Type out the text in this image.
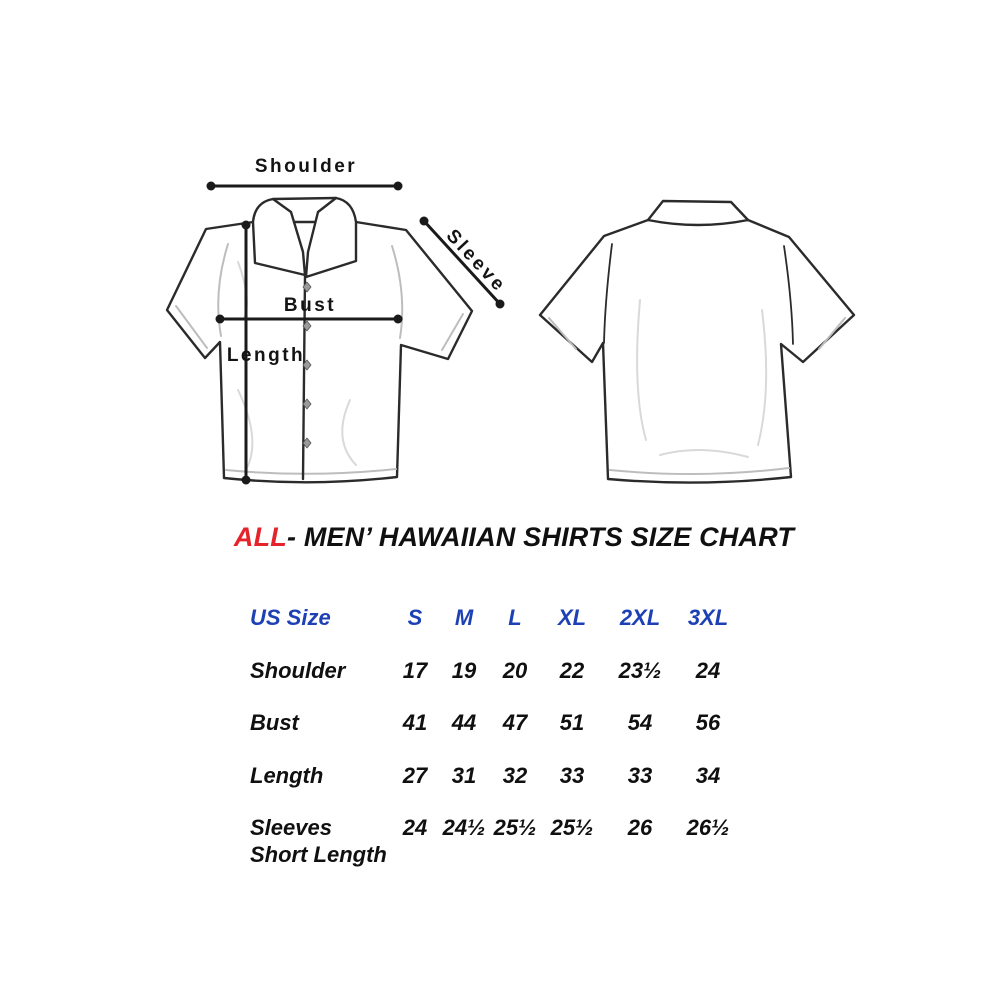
Shoulder
Bust
Length
Sleeve
ALL- MEN’ HAWAIIAN SHIRTS SIZE CHART
US Size	S	M	L	XL	2XL	3XL
Shoulder	17	19	20	22	23½	24
Bust	41	44	47	51	54	56
Length	27	31	32	33	33	34
Sleeves
Short Length
24 24½ 25½ 25½	26	26½
